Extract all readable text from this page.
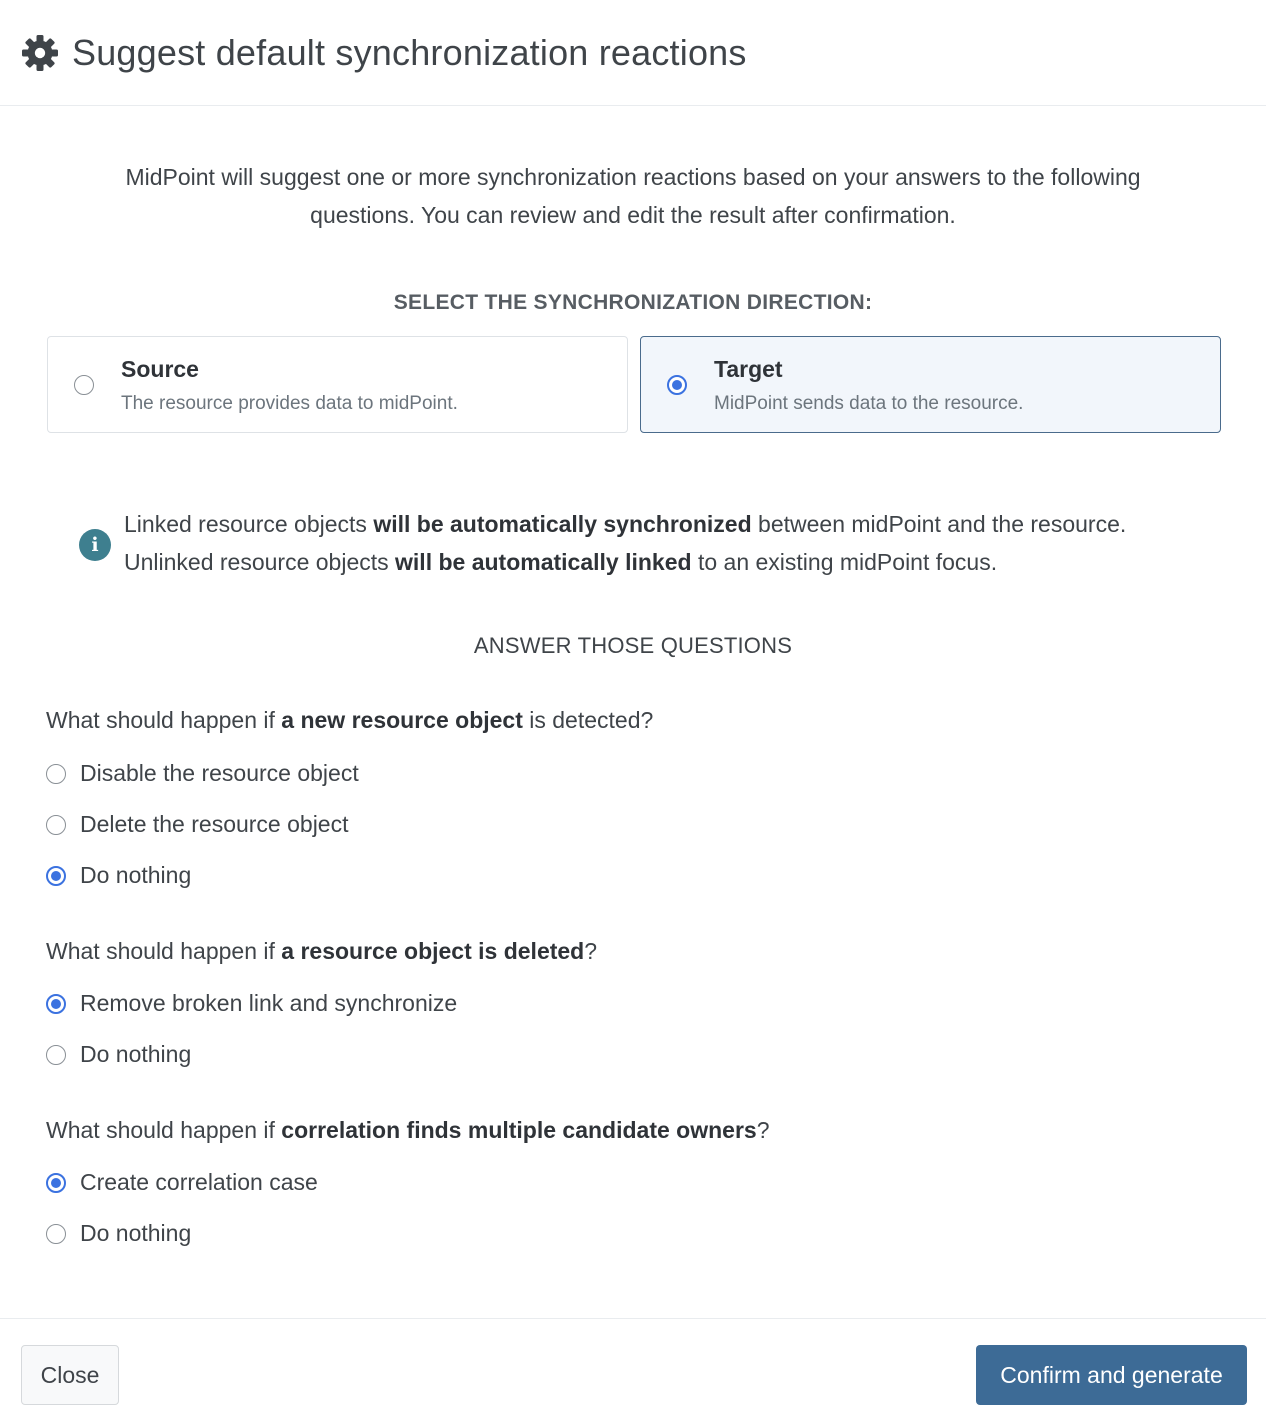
Suggest default synchronization reactions
MidPoint will suggest one or more synchronization reactions based on your answers to the following
questions. You can review and edit the result after confirmation.
SELECT THE SYNCHRONIZATION DIRECTION:
Source
The resource provides data to midPoint.
Target
MidPoint sends data to the resource.
i
Linked resource objects will be automatically synchronized between midPoint and the resource.
Unlinked resource objects will be automatically linked to an existing midPoint focus.
ANSWER THOSE QUESTIONS
What should happen if a new resource object is detected?
Disable the resource object
Delete the resource object
Do nothing
What should happen if a resource object is deleted?
Remove broken link and synchronize
Do nothing
What should happen if correlation finds multiple candidate owners?
Create correlation case
Do nothing
Close	Confirm and generate
